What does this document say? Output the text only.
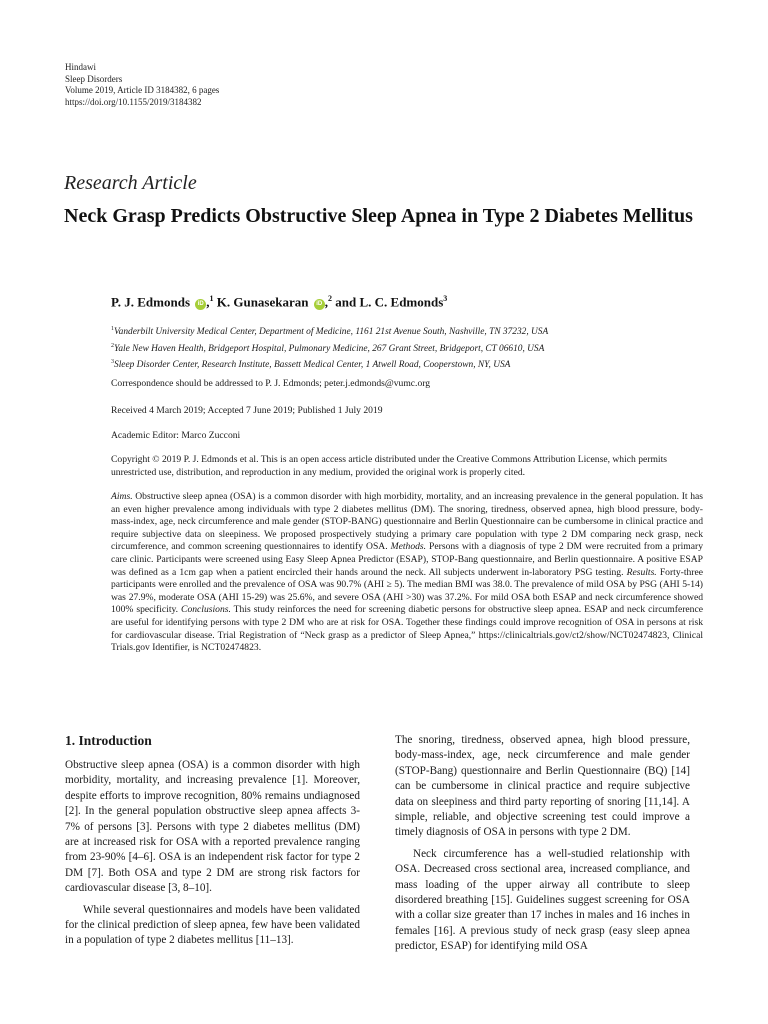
Hindawi
Sleep Disorders
Volume 2019, Article ID 3184382, 6 pages
https://doi.org/10.1155/2019/3184382
Research Article
Neck Grasp Predicts Obstructive Sleep Apnea in Type 2 Diabetes Mellitus
P. J. Edmonds iD ,$^1$ K. Gunasekaran iD ,$^2$ and L. C. Edmonds$^3$
$^1$Vanderbilt University Medical Center, Department of Medicine, 1161 21st Avenue South, Nashville, TN 37232, USA
$^2$Yale New Haven Health, Bridgeport Hospital, Pulmonary Medicine, 267 Grant Street, Bridgeport, CT 06610, USA
$^3$Sleep Disorder Center, Research Institute, Bassett Medical Center, 1 Atwell Road, Cooperstown, NY, USA
Correspondence should be addressed to P. J. Edmonds; peter.j.edmonds@vumc.org
Received 4 March 2019; Accepted 7 June 2019; Published 1 July 2019
Academic Editor: Marco Zucconi
Copyright © 2019 P. J. Edmonds et al. This is an open access article distributed under the Creative Commons Attribution License, which permits unrestricted use, distribution, and reproduction in any medium, provided the original work is properly cited.
Aims. Obstructive sleep apnea (OSA) is a common disorder with high morbidity, mortality, and an increasing prevalence in the general population. It has an even higher prevalence among individuals with type 2 diabetes mellitus (DM). The snoring, tiredness, observed apnea, high blood pressure, body-mass-index, age, neck circumference and male gender (STOP-BANG) questionnaire and Berlin Questionnaire can be cumbersome in clinical practice and require subjective data on sleepiness. We proposed prospectively studying a primary care population with type 2 DM comparing neck grasp, neck circumference, and common screening questionnaires to identify OSA. Methods. Persons with a diagnosis of type 2 DM were recruited from a primary care clinic. Participants were screened using Easy Sleep Apnea Predictor (ESAP), STOP-Bang questionnaire, and Berlin questionnaire. A positive ESAP was defined as a 1cm gap when a patient encircled their hands around the neck. All subjects underwent in-laboratory PSG testing. Results. Forty-three participants were enrolled and the prevalence of OSA was 90.7% (AHI ≥ 5). The median BMI was 38.0. The prevalence of mild OSA by PSG (AHI 5-14) was 27.9%, moderate OSA (AHI 15-29) was 25.6%, and severe OSA (AHI >30) was 37.2%. For mild OSA both ESAP and neck circumference showed 100% specificity. Conclusions. This study reinforces the need for screening diabetic persons for obstructive sleep apnea. ESAP and neck circumference are useful for identifying persons with type 2 DM who are at risk for OSA. Together these findings could improve recognition of OSA in persons at risk for cardiovascular disease. Trial Registration of “Neck grasp as a predictor of Sleep Apnea,” https://clinicaltrials.gov/ct2/show/NCT02474823, Clinical Trials.gov Identifier, is NCT02474823.
1. Introduction

Obstructive sleep apnea (OSA) is a common disorder with high morbidity, mortality, and increasing prevalence [1]. Moreover, despite efforts to improve recognition, 80% remains undiagnosed [2]. In the general population obstructive sleep apnea affects 3-7% of persons [3]. Persons with type 2 diabetes mellitus (DM) are at increased risk for OSA with a reported prevalence ranging from 23-90% [4–6]. OSA is an independent risk factor for type 2 DM [7]. Both OSA and type 2 DM are strong risk factors for cardiovascular disease [3, 8–10].

While several questionnaires and models have been validated for the clinical prediction of sleep apnea, few have been validated in a population of type 2 diabetes mellitus [11–13].

The snoring, tiredness, observed apnea, high blood pressure, body-mass-index, age, neck circumference and male gender (STOP-Bang) questionnaire and Berlin Questionnaire (BQ) [14] can be cumbersome in clinical practice and require subjective data on sleepiness and third party reporting of snoring [11,14]. A simple, reliable, and objective screening test could improve a timely diagnosis of OSA in persons with type 2 DM.

Neck circumference has a well-studied relationship with OSA. Decreased cross sectional area, increased compliance, and mass loading of the upper airway all contribute to sleep disordered breathing [15]. Guidelines suggest screening for OSA with a collar size greater than 17 inches in males and 16 inches in females [16]. A previous study of neck grasp (easy sleep apnea predictor, ESAP) for identifying mild OSA
